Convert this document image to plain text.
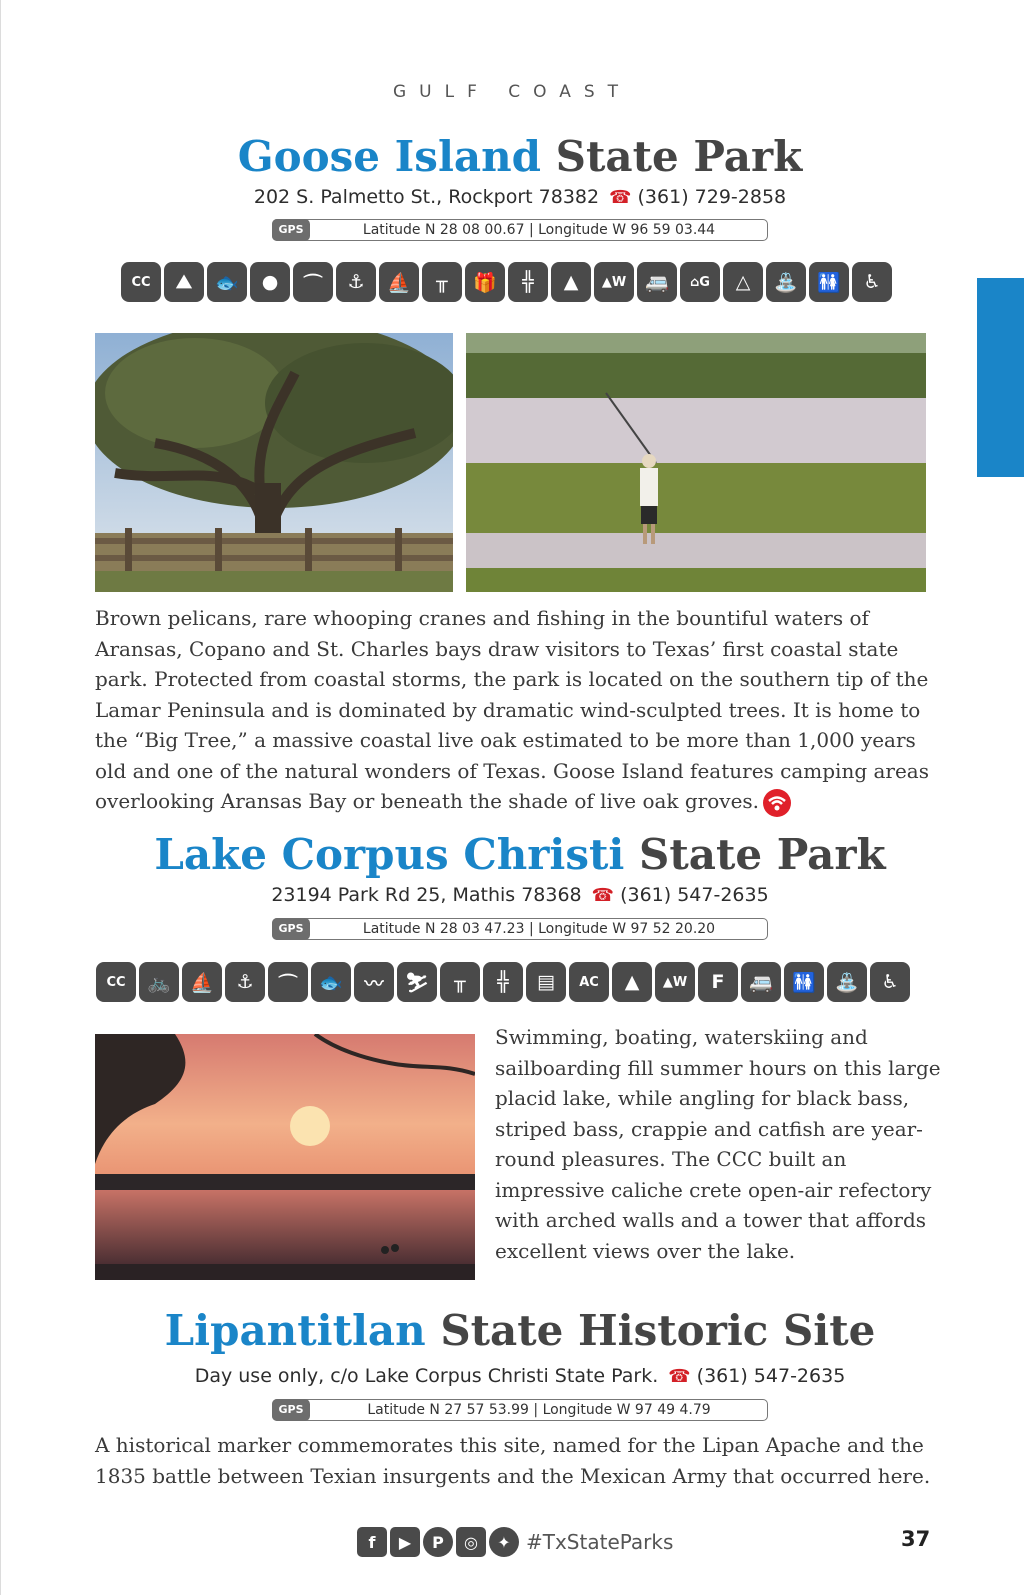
GULF COAST
Goose Island State Park
202 S. Palmetto St., Rockport 78382 ☎ (361) 729-2858
GPS	Latitude N 28 08 00.67 | Longitude W 96 59 03.44
CC	⛰	🐟	●	⌒	⚓	⛵	╥	🎁	╬	▲	▲W 🚐	⌂G	△	⛲	🚻	♿
Brown pelicans, rare whooping cranes and fishing in the bountiful waters of Aransas, Copano and St. Charles bays draw visitors to Texas’ first coastal state park. Protected from coastal storms, the park is located on the southern tip of the Lamar Peninsula and is dominated by dramatic wind-sculpted trees. It is home to the “Big Tree,” a massive coastal live oak estimated to be more than 1,000 years old and one of the natural wonders of Texas. Goose Island features camping areas overlooking Aransas Bay or beneath the shade of live oak groves.
Lake Corpus Christi State Park
23194 Park Rd 25, Mathis 78368 ☎ (361) 547-2635
GPS	Latitude N 28 03 47.23 | Longitude W 97 52 20.20
CC	🚲	⛵	⚓	⌒	🐟	〰	⛷	╥	╬	▤	AC	▲	▲W	F	🚐	🚻	⛲	♿
Swimming, boating, waterskiing and sailboarding fill summer hours on this large placid lake, while angling for black bass, striped bass, crappie and catfish are year-round pleasures. The CCC built an impressive caliche crete open-air refectory with arched walls and a tower that affords excellent views over the lake.
Lipantitlan State Historic Site
Day use only, c/o Lake Corpus Christi State Park. ☎ (361) 547-2635
GPS	Latitude N 27 57 53.99 | Longitude W 97 49 4.79
A historical marker commemorates this site, named for the Lipan Apache and the 1835 battle between Texian insurgents and the Mexican Army that occurred here.
f	▶	P	◎	✦ #TxStateParks	37
